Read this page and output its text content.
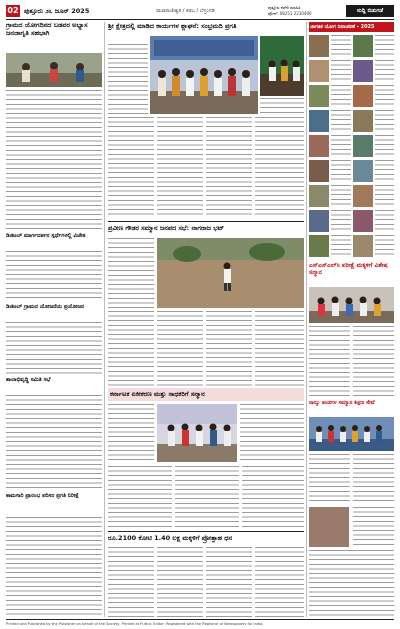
02 ಪುತ್ತೂರು ೨೬ ಜೂನ್ 2025	ರಾಜಾರಾಜೇಶ್ವರಿ / ಕಡಬ / ಬೆಳ್ತಂಗಡಿ
ಪುತ್ತೂರು ಕಚೇರಿ ಮಾಹಿತಿ
ಫೋನ್: 08251 2230400	ಸುದ್ದಿ ಬಿಡುಗಡೆ
ಗ್ರಾಮದ ಯೋಗದಿನದ ಬಡವರ ಅಭ್ಯಾಸ ಜನಜಾಗೃತಿ ಸಹಭಾಗಿ
ಡಿಜಿಟಲ್ ಮಾರ್ಗದರ್ಶನ ಸ್ಪರ್ಧೆಗಳಲ್ಲಿ ವಿಜೇತ
ಡಿಜಿಟಲ್ ಗ್ರಾಮದ ಯೋಜನೆಯ ಪ್ರಯೋಜನ
ಶಾಲಾಭಿವೃದ್ಧಿ ಸಮಿತಿ ಸಭೆ
ಕಾಮಗಾರಿ ಪ್ರಾರಂಭ ಪರಿಸರ ಪ್ರಗತಿ ನಿರೀಕ್ಷೆ
ಶ್ರೀ ಕ್ಷೇತ್ರದಲ್ಲಿ ಮಾಡಿದ ಕಾರ್ಯಗಳ ಶ್ಲಾಘನೆ: ಸಂಭ್ರಮದಿ ಪ್ರಗತಿ
ಪ್ರವೀಣ ಗೌಡರ ಸಮ್ಮಾನ ಜನಪದ ಸಭೆ: ನಾಗರಾಜ ಭಟ್
ಕರ್ನಾಟಕ ಏಕೀಕರಣ ಮತ್ತು ಸಾಧಕರಿಗೆ ಸನ್ಮಾನ
ರೂ.2100 ಕೋಟಿ 1.40 ಲಕ್ಷ ಮಕ್ಕಳಿಗೆ ಪ್ರೋತ್ಸಾಹ ಧನ
ಜಾಗತಿಕ ಯೋಗ ದಿನಾಚರಣೆ - 2025
ಎಸ್‌ಎಸ್‌ಎಲ್‌ಸಿ ಪರೀಕ್ಷೆ ಮಕ್ಕಳಿಗೆ ವಿಶೇಷ ಸನ್ಮಾನ
ನಾಲ್ಕು ತಂಡಗಳ ಸಮ್ಮಾನ ಶಿಕ್ಷಣ ಸೇವೆ
Printed and Published by the Publisher on behalf of the Society, Printed at Puttur. Editor: Registered with the Registrar of Newspapers for India.
